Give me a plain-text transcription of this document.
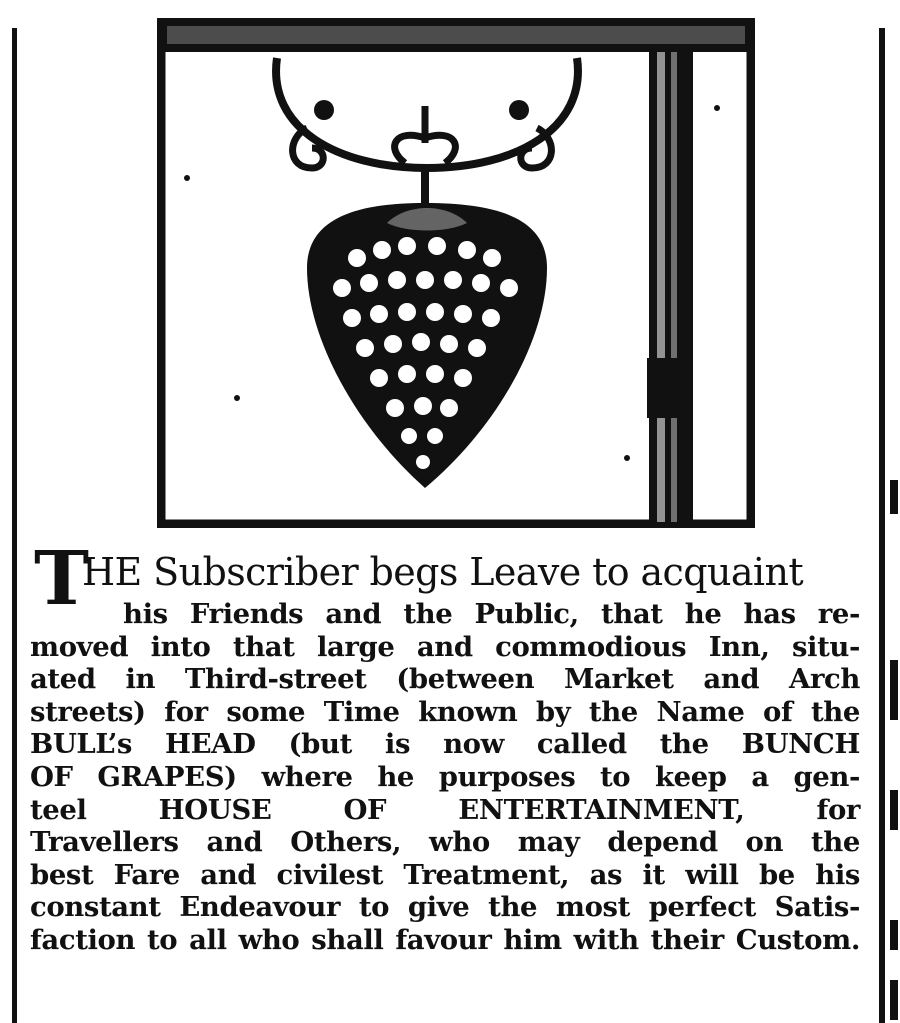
T
HE Subscriber begs Leave to acquaint
his Friends and the Public, that he has re-
moved into that large and commodious Inn, situ-
ated in Third-street (between Market and Arch
streets) for some Time known by the Name of the
BULL’s HEAD (but is now called the BUNCH
OF GRAPES) where he purposes to keep a gen-
teel HOUSE OF ENTERTAINMENT, for
Travellers and Others, who may depend on the
best Fare and civilest Treatment, as it will be his
constant Endeavour to give the most perfect Satis-
faction to all who shall favour him with their Custom.
